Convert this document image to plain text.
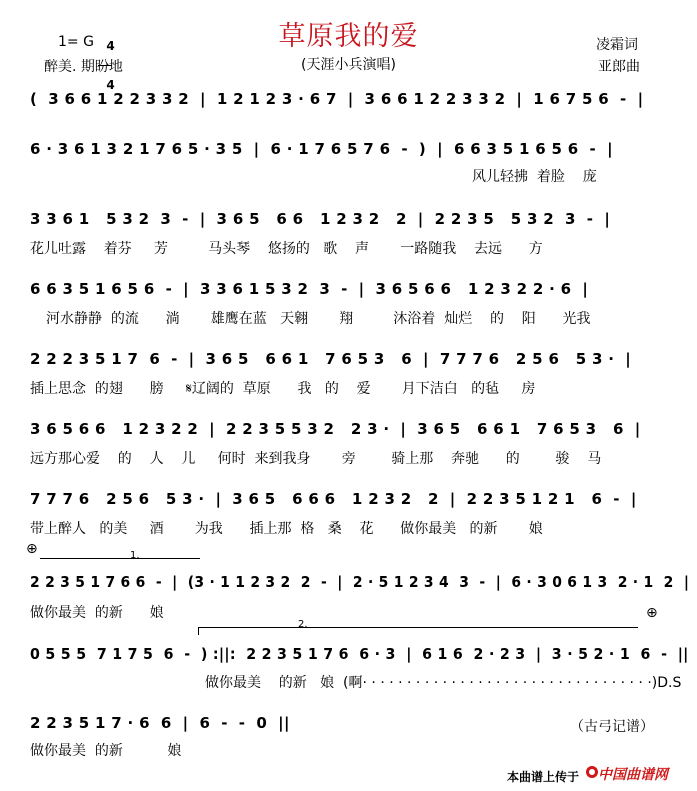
草原我的爱
(天涯小兵演唱)
1= G	4

4

醉美. 期盼地
凌霜词
亚郎曲
(  3 6 6 1 2 2 3 3 2  |  1 2 1 2 3 · 6 7  |  3 6 6 1 2 2 3 3 2  |  1 6 7 5 6  -  |
6 · 3 6 1 3 2 1 7 6 5 · 3 5  |  6 · 1 7 6 5 7 6  -  )  |  6 6 3 5 1 6 5 6  -  |
风儿轻拂  着脸    庞
3 3 6 1   5 3 2  3  -  |  3 6 5   6 6   1 2 3 2   2  |  2 2 3 5   5 3 2  3  -  |
花儿吐露    着芬     芳         马头琴    悠扬的   歌    声       一路随我    去远      方
6 6 3 5 1 6 5 6  -  |  3 3 6 1 5 3 2  3  -  |  3 6 5 6 6   1 2 3 2 2 · 6  |
河水静静  的流      淌       雄鹰在蓝   天翱       翔         沐浴着  灿烂    的    阳      光我
2 2 2 3 5 1 7  6  -  |  3 6 5   6 6 1   7 6 5 3   6  |  7 7 7 6   2 5 6   5 3 ·  |
插上思念  的翅      膀     𝄋辽阔的  草原      我   的    爱       月下洁白   的毡     房
3 6 5 6 6   1 2 3 2 2  |  2 2 3 5 5 3 2   2 3 ·  |  3 6 5   6 6 1   7 6 5 3   6  |
远方那心爱    的    人    儿     何时  来到我身       旁        骑上那    奔驰      的        骏    马
7 7 7 6   2 5 6   5 3 ·  |  3 6 5   6 6 6   1 2 3 2   2  |  2 2 3 5 1 2 1   6  -  |
带上醉人   的美     酒       为我      插上那  格   桑    花      做你最美   的新       娘
⊕	1.
2 2 3 5 1 7 6 6  -  |  (3 · 1 1 2 3 2  2  -  |  2 · 5 1 2 3 4  3  -  |  6 · 3 0 6 1 3  2 · 1  2  |
做你最美  的新      娘	⊕
2.
0 5 5 5  7 1 7 5  6  -  ) :||:  2 2 3 5 1 7 6  6 · 3  |  6 1 6  2 · 2 3  |  3 · 5 2 · 1  6  -  ||
做你最美    的新   娘  (啊· · · · · · · · · · · · · · · · · · · · · · · · · · · · · · · · ·)D.S
2 2 3 5 1 7 · 6  6  |  6  -  -  0  ||
做你最美  的新          娘
（古弓记谱）
本曲谱上传于 中国曲谱网
